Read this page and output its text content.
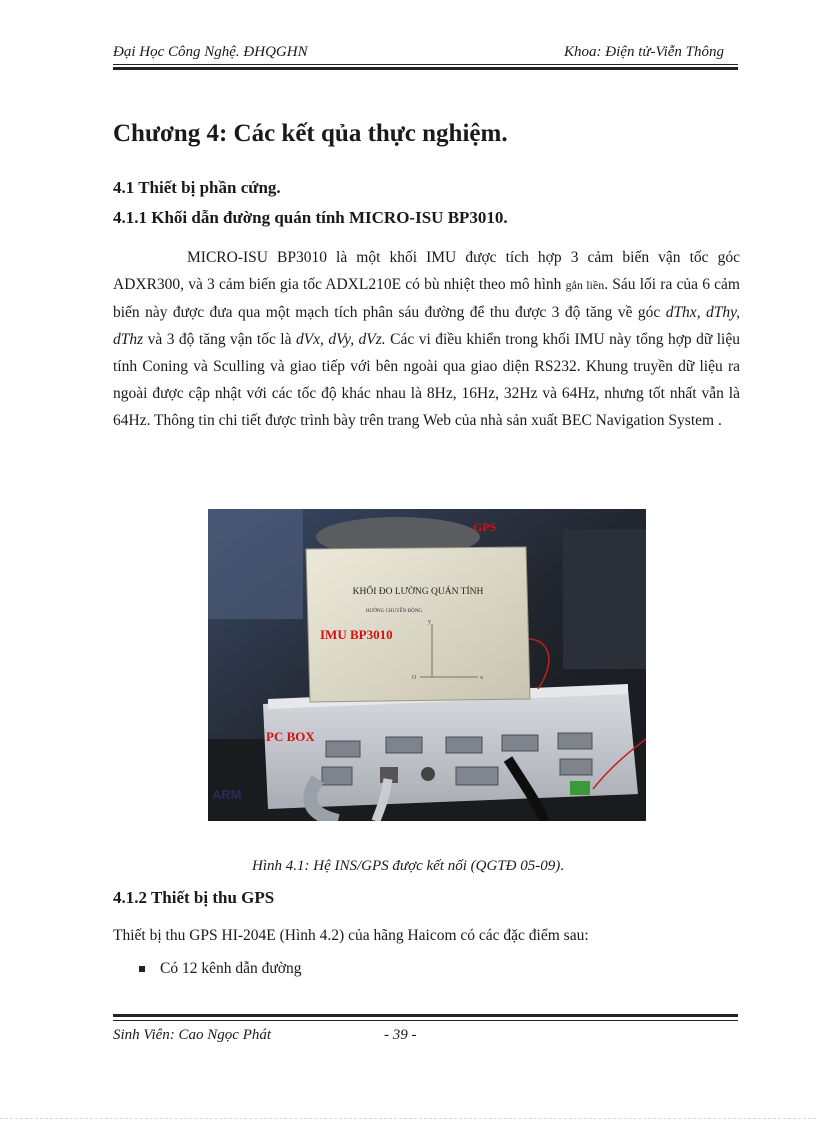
Đại Học Công Nghệ. ĐHQGHN	Khoa: Điện tử-Viễn Thông
Chương 4: Các kết qủa thực nghiệm.
4.1 Thiết bị phần cứng.
4.1.1 Khối dẫn đường quán tính MICRO-ISU BP3010.

MICRO-ISU BP3010 là một khối IMU được tích hợp 3 cảm biến vận tốc góc ADXR300, và 3 cảm biến gia tốc ADXL210E có bù nhiệt theo mô hình gắn liền. Sáu lối ra của 6 cảm biến này được đưa qua một mạch tích phân sáu đường để thu được 3 độ tăng về góc dThx, dThy, dThz và 3 độ tăng vận tốc là dVx, dVy, dVz. Các vi điều khiển trong khối IMU này tổng hợp dữ liệu tính Coning và Sculling và giao tiếp với bên ngoài qua giao diện RS232. Khung truyền dữ liệu ra ngoài được cập nhật với các tốc độ khác nhau là 8Hz, 16Hz, 32Hz và 64Hz, nhưng tốt nhất vẫn là 64Hz. Thông tin chi tiết được trình bày trên trang Web của nhà sản xuất BEC Navigation System .

ARM
KHỐI ĐO LƯỜNG QUÁN TÍNH
HƯỚNG CHUYỂN ĐỘNG
y
x
O
GPS
IMU BP3010
PC BOX
Hình 4.1: Hệ INS/GPS được kết nối (QGTĐ 05-09).
4.1.2 Thiết bị thu GPS
Thiết bị thu GPS HI-204E (Hình 4.2) của hãng Haicom có các đặc điểm sau:
Có 12 kênh dẫn đường
Sinh Viên: Cao Ngọc Phát	- 39 -
